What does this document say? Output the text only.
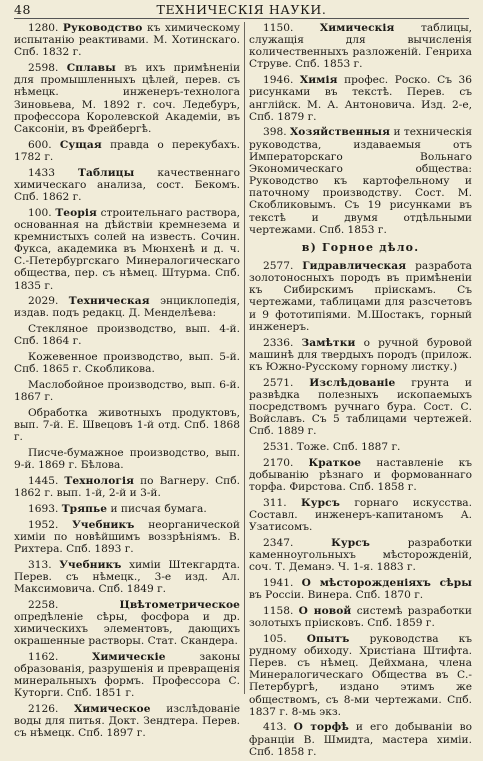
48	ТЕХНИЧЕСКІЯ НАУКИ.

1280. Руководство къ химическому испытанію реактивами. М. Хотинскаго. Спб. 1832 г.

2598. Сплавы въ ихъ примѣненіи для промышленныхъ цѣлей, перев. съ нѣмецк. инженеръ-технолога Зиновьева, М. 1892 г. соч. Ледебуръ, профессора Королевской Академіи, въ Саксоніи, въ Фрейбергѣ.

600. Сущая правда о перекубахъ. 1782 г.

1433 Таблицы качественнаго химическаго анализа, сост. Бекомъ. Спб. 1862 г.

100. Теорія строительнаго раствора, основанная на дѣйствіи кремнезема и кремнистыхъ солей на известь. Сочин. Фукса, академика въ Мюнхенѣ и д. ч. С.-Петербургскаго Минералогическаго общества, пер. съ нѣмец. Штурма. Спб. 1835 г.

2029. Техническая энциклопедія, издав. подъ редакц. Д. Менделѣева:

Стекляное производство, вып. 4-й. Спб. 1864 г.

Кожевенное производство, вып. 5-й. Спб. 1865 г. Скобликова.

Маслобойное производство, вып. 6-й. 1867 г.

Обработка животныхъ продуктовъ, вып. 7-й. Е. Швецовъ 1-й отд. Спб. 1868 г.

Писче-бумажное производство, вып. 9-й. 1869 г. Бѣлова.

1445. Технологія по Вагнеру. Спб. 1862 г. вып. 1-й, 2-й и 3-й.

1693. Тряпье и писчая бумага.

1952. Учебникъ неорганической химіи по новѣйшимъ воззрѣніямъ. В. Рихтера. Спб. 1893 г.

313. Учебникъ химіи Штекгардта. Перев. съ нѣмецк., 3-е изд. Ал. Максимовича. Спб. 1849 г.

2258.	Цвѣтометрическое опредѣленіе сѣры, фосфора и др. химическихъ элементовъ, дающихъ окрашенные растворы. Стат. Скандера.

1162.	Химическіе	законы образованія, разрушенія и превращенія минеральныхъ формъ. Профессора С. Куторги. Спб. 1851 г.

2126. Химическое изслѣдованіе воды для питья. Докт. Зендтера. Перев. съ нѣмецк. Спб. 1897 г.

1150.	Химическія	таблицы, служащія для вычисленія количественныхъ разложеній. Генриха Струве. Спб. 1853 г.

1946. Химія профес. Роско. Съ 36 рисунками въ текстѣ. Перев. съ англійск. М. А. Антоновича. Изд. 2-е, Спб. 1879 г.

398. Хозяйственныя и техническія руководства, издаваемыя отъ Императорскаго Вольнаго Экономическаго общества: Руководство къ картофельному и паточному производству. Сост. М. Скобликовымъ. Съ 19 рисунками въ текстѣ и двумя отдѣльными чертежами. Спб. 1853 г.

в) Горное дѣло.

2577. Гидравлическая разработа золотоносныхъ породъ въ примѣненіи къ Сибирскимъ пріискамъ. Съ чертежами, таблицами для разсчетовъ и 9 фототипіями. М.Шостакъ, горный инженеръ.

2336. Замѣтки о ручной буровой машинѣ для твердыхъ породъ (прилож. къ Южно-Русскому горному листку.)

2571. Изслѣдованіе грунта и развѣдка полезныхъ ископаемыхъ посредствомъ ручнаго бура. Сост. С. Войславъ. Съ 5 таблицами чертежей. Спб. 1889 г.

2531. Тоже. Спб. 1887 г.

2170. Краткое наставленіе къ добыванію рѣзнаго и формованнаго торфа. Фирстова. Спб. 1858 г.

311. Курсъ горнаго искусства. Составл. инженеръ-капитаномъ А. Узатисомъ.

2347.	Курсъ	разработки каменноугольныхъ мѣсторожденій, соч. Т. Деманэ. Ч. 1-я. 1883 г.

1941. О мѣсторожденіяхъ сѣры въ Россіи. Винера. Спб. 1870 г.

1158. О новой системѣ разработки золотыхъ пріисковъ. Спб. 1859 г.

105. Опытъ руководства къ рудному обиходу. Христіана Штифта. Перев. съ нѣмец. Дейхмана, члена Минералогическаго Общества въ С.-Петербургѣ, издано этимъ же обществомъ, съ 8-ми чертежами. Спб. 1837 г. 8-мь экз.

413. О торфѣ и его добываніи во франціи В. Шмидта, мастера химіи. Спб. 1858 г.
